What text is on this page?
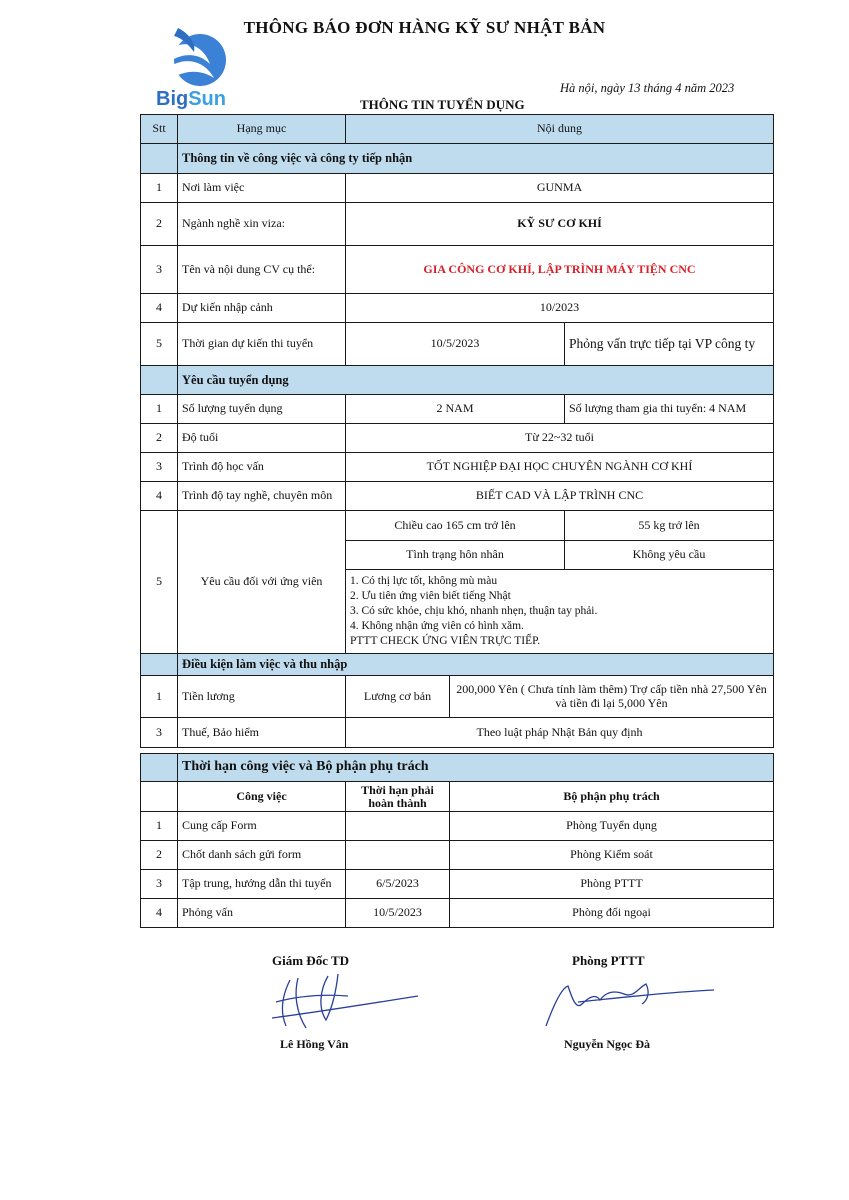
THÔNG BÁO ĐƠN HÀNG KỸ SƯ NHẬT BẢN
BigSun	Hà nội, ngày 13 tháng 4 năm 2023
THÔNG TIN TUYỂN DỤNG
Stt	Hạng mục	Nội dung		
	Thông tin về công việc và công ty tiếp nhận			
1	Nơi làm việc	GUNMA		
2	Ngành nghề xin viza:	KỸ SƯ CƠ KHÍ		
3	Tên và nội dung CV cụ thể:	GIA CÔNG CƠ KHÍ, LẬP TRÌNH MÁY TIỆN CNC		
4	Dự kiến nhập cảnh	10/2023		
5	Thời gian dự kiến thi tuyển	10/5/2023		Phỏng vấn trực tiếp tại VP công ty
	Yêu cầu tuyển dụng			
1	Số lượng tuyển dụng	2 NAM		Số lượng tham gia thi tuyển: 4 NAM
2	Độ tuổi	Từ 22~32 tuổi		
3	Trình độ học vấn	TỐT NGHIỆP ĐẠI HỌC CHUYÊN NGÀNH CƠ KHÍ		
4	Trình độ tay nghề, chuyên môn	BIẾT CAD VÀ LẬP TRÌNH CNC		
5	Yêu cầu đối với ứng viên	Chiều cao 165 cm trở lên		55 kg trở lên
		Tình trạng hôn nhân		Không yêu cầu

		1. Có thị lực tốt, không mù màu
2. Ưu tiên ứng viên biết tiếng Nhật
3. Có sức khỏe, chịu khó, nhanh nhẹn, thuận tay phải.
4. Không nhận ứng viên có hình xăm.
PTTT CHECK ỨNG VIÊN TRỰC TIẾP.		

	Điều kiện làm việc và thu nhập			
1	Tiền lương	Lương cơ bản	200,000 Yên ( Chưa tính làm thêm) Trợ cấp tiền nhà 27,500 Yên và tiền đi lại 5,000 Yên	
3	Thuế, Bảo hiểm	Theo luật pháp Nhật Bản quy định		
	Thời hạn công việc và Bộ phận phụ trách		
	Công việc	Thời hạn phải hoàn thành	Bộ phận phụ trách
1	Cung cấp Form		Phòng Tuyển dụng
2	Chốt danh sách gửi form		Phòng Kiểm soát
3	Tập trung, hướng dẫn thi tuyển	6/5/2023	Phòng PTTT
4	Phỏng vấn	10/5/2023	Phòng đối ngoại
Giám Đốc TD	Phòng PTTT
Lê Hồng Vân	Nguyễn Ngọc Đà
